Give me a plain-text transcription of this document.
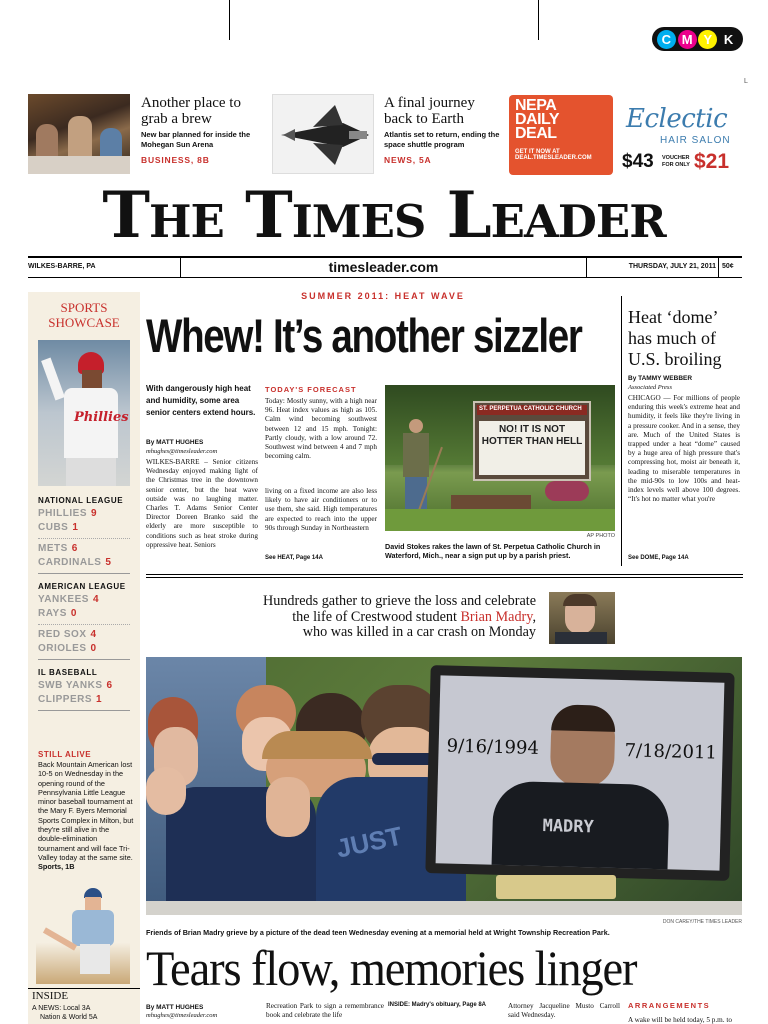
L
C M Y K
Another place to grab a brew
New bar planned for inside the Mohegan Sun Arena
BUSINESS, 8B
A final journey back to Earth
Atlantis set to return, ending the space shuttle program
NEWS, 5A
NEPA
DAILY
DEAL
GET IT NOW AT
DEAL.TIMESLEADER.COM
Eclectic
HAIR SALON
$43 VOUCHER FOR ONLY $21
The Times Leader
WILKES-BARRE, PA	timesleader.com	THURSDAY, JULY 21, 2011 50¢
SPORTS
SHOWCASE
Phillies
NATIONAL LEAGUE
PHILLIES 9
CUBS 1
METS 6
CARDINALS 5
AMERICAN LEAGUE
YANKEES 4
RAYS 0
RED SOX 4
ORIOLES 0
IL BASEBALL
SWB YANKS 6
CLIPPERS 1
STILL ALIVE
Back Mountain American lost 10-5 on Wednesday in the opening round of the Pennsylvania Little League minor baseball tournament at the Mary F. Byers Memorial Sports Complex in Milton, but they're still alive in the double-elimination tournament and will face Tri-Valley today at the same site. Sports, 1B
INSIDE
A NEWS: Local 3A
Nation & World 5A
SUMMER 2011: HEAT WAVE
Whew! It’s another sizzler
With dangerously high heat and humidity, some area senior centers extend hours.
By MATT HUGHES
mhughes@timesleader.com

WILKES-BARRE – Senior citizens Wednesday enjoyed making light of the Christmas tree in the downtown senior center, but the heat wave outside was no laughing matter. Charles T. Adams Senior Center Director Doreen Branko said the elderly are more susceptible to conditions such as heat stroke during oppressive heat. Seniors

TODAY'S FORECAST

Today: Mostly sunny, with a high near 96. Heat index values as high as 105. Calm wind becoming southwest between 12 and 15 mph. Tonight: Partly cloudy, with a low around 72. Southwest wind between 4 and 7 mph becoming calm.

living on a fixed income are also less likely to have air conditioners or to use them, she said. High temperatures are expected to reach into the upper 90s through Sunday in Northeastern

See HEAT, Page 14A
ST. PERPETUA CATHOLIC CHURCH
NO! IT IS NOT HOTTER THAN HELL
AP PHOTO
David Stokes rakes the lawn of St. Perpetua Catholic Church in Waterford, Mich., near a sign put up by a parish priest.
Heat ‘dome’ has much of U.S. broiling
By TAMMY WEBBER
Associated Press

CHICAGO — For millions of people enduring this week's extreme heat and humidity, it feels like they're living in a pressure cooker. And in a sense, they are. Much of the United States is trapped under a heat “dome” caused by a huge area of high pressure that's compressing hot, moist air beneath it, leading to miserable temperatures in the mid-90s to low 100s and heat-index levels well above 100 degrees. “It's hot no matter what you're

See DOME, Page 14A
Hundreds gather to grieve the loss and celebrate
the life of Crestwood student Brian Madry,
who was killed in a car crash on Monday
JUST	MADRY
9/16/1994	7/18/2011
DON CAREY/THE TIMES LEADER
Friends of Brian Madry grieve by a picture of the dead teen Wednesday evening at a memorial held at Wright Township Recreation Park.
Tears flow, memories linger
By MATT HUGHES
mhughes@timesleader.com

Recreation Park to sign a remembrance book and celebrate the life

INSIDE: Madry's obituary, Page 8A	Attorney Jacqueline Musto Carroll said Wednesday.

ARRANGEMENTS

A wake will be held today, 5 p.m. to
